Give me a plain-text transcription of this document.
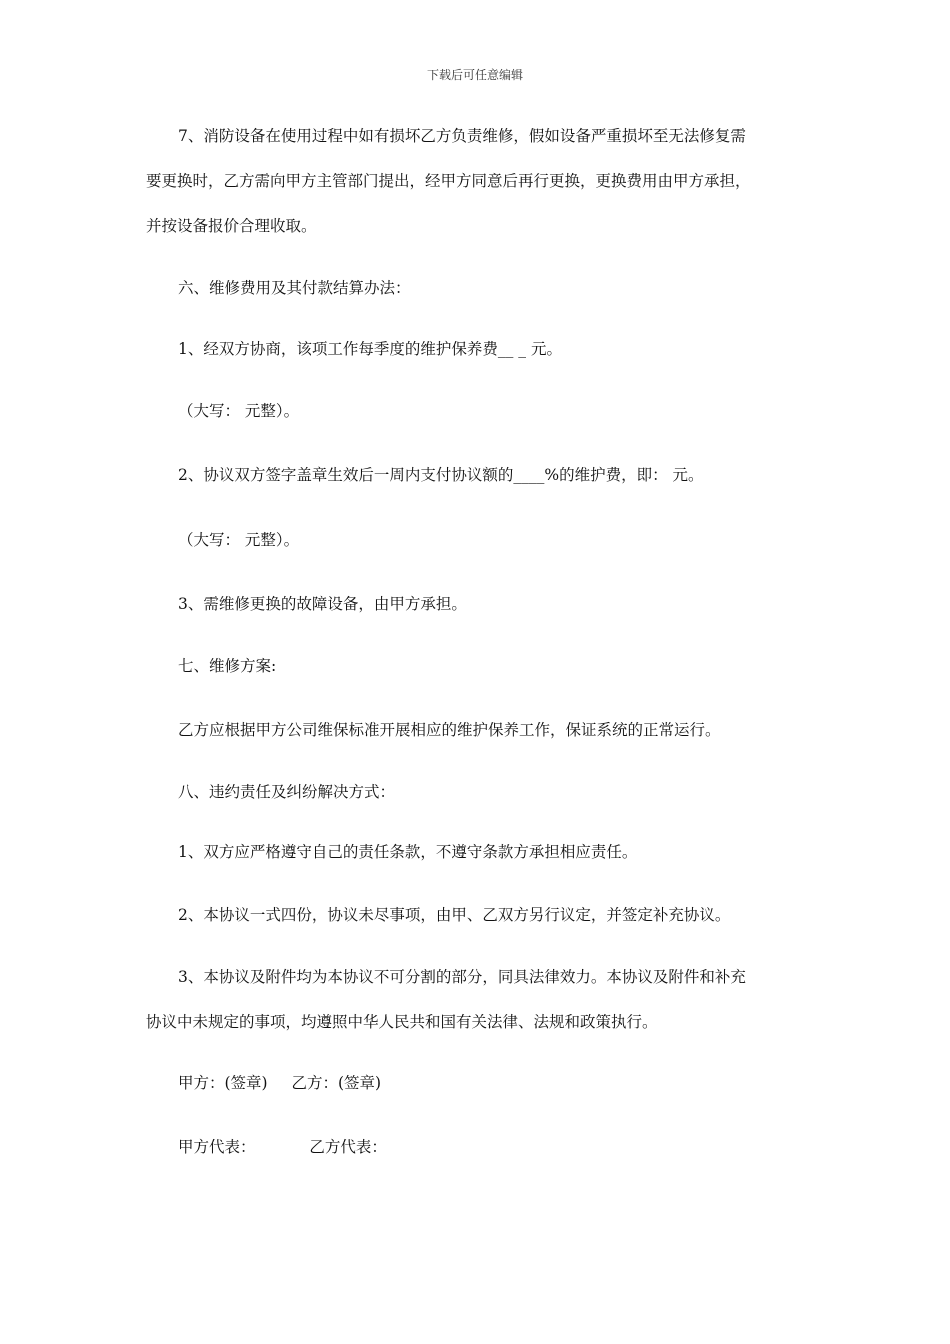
下载后可任意编辑
7、消防设备在使用过程中如有损坏乙方负责维修，假如设备严重损坏至无法修复需
要更换时，乙方需向甲方主管部门提出，经甲方同意后再行更换，更换费用由甲方承担，
并按设备报价合理收取。
六、维修费用及其付款结算办法：
1、经双方协商，该项工作每季度的维护保养费__ _ 元。
（大写： 元整）。
2、协议双方签字盖章生效后一周内支付协议额的____%的维护费，即： 元。
（大写： 元整）。
3、需维修更换的故障设备，由甲方承担。
七、维修方案:
乙方应根据甲方公司维保标准开展相应的维护保养工作，保证系统的正常运行。
八、违约责任及纠纷解决方式：
1、双方应严格遵守自己的责任条款，不遵守条款方承担相应责任。
2、本协议一式四份，协议未尽事项，由甲、乙双方另行议定，并签定补充协议。
3、本协议及附件均为本协议不可分割的部分，同具法律效力。本协议及附件和补充
协议中未规定的事项，均遵照中华人民共和国有关法律、法规和政策执行。
甲方：(签章) 乙方：(签章)
甲方代表：	乙方代表：
